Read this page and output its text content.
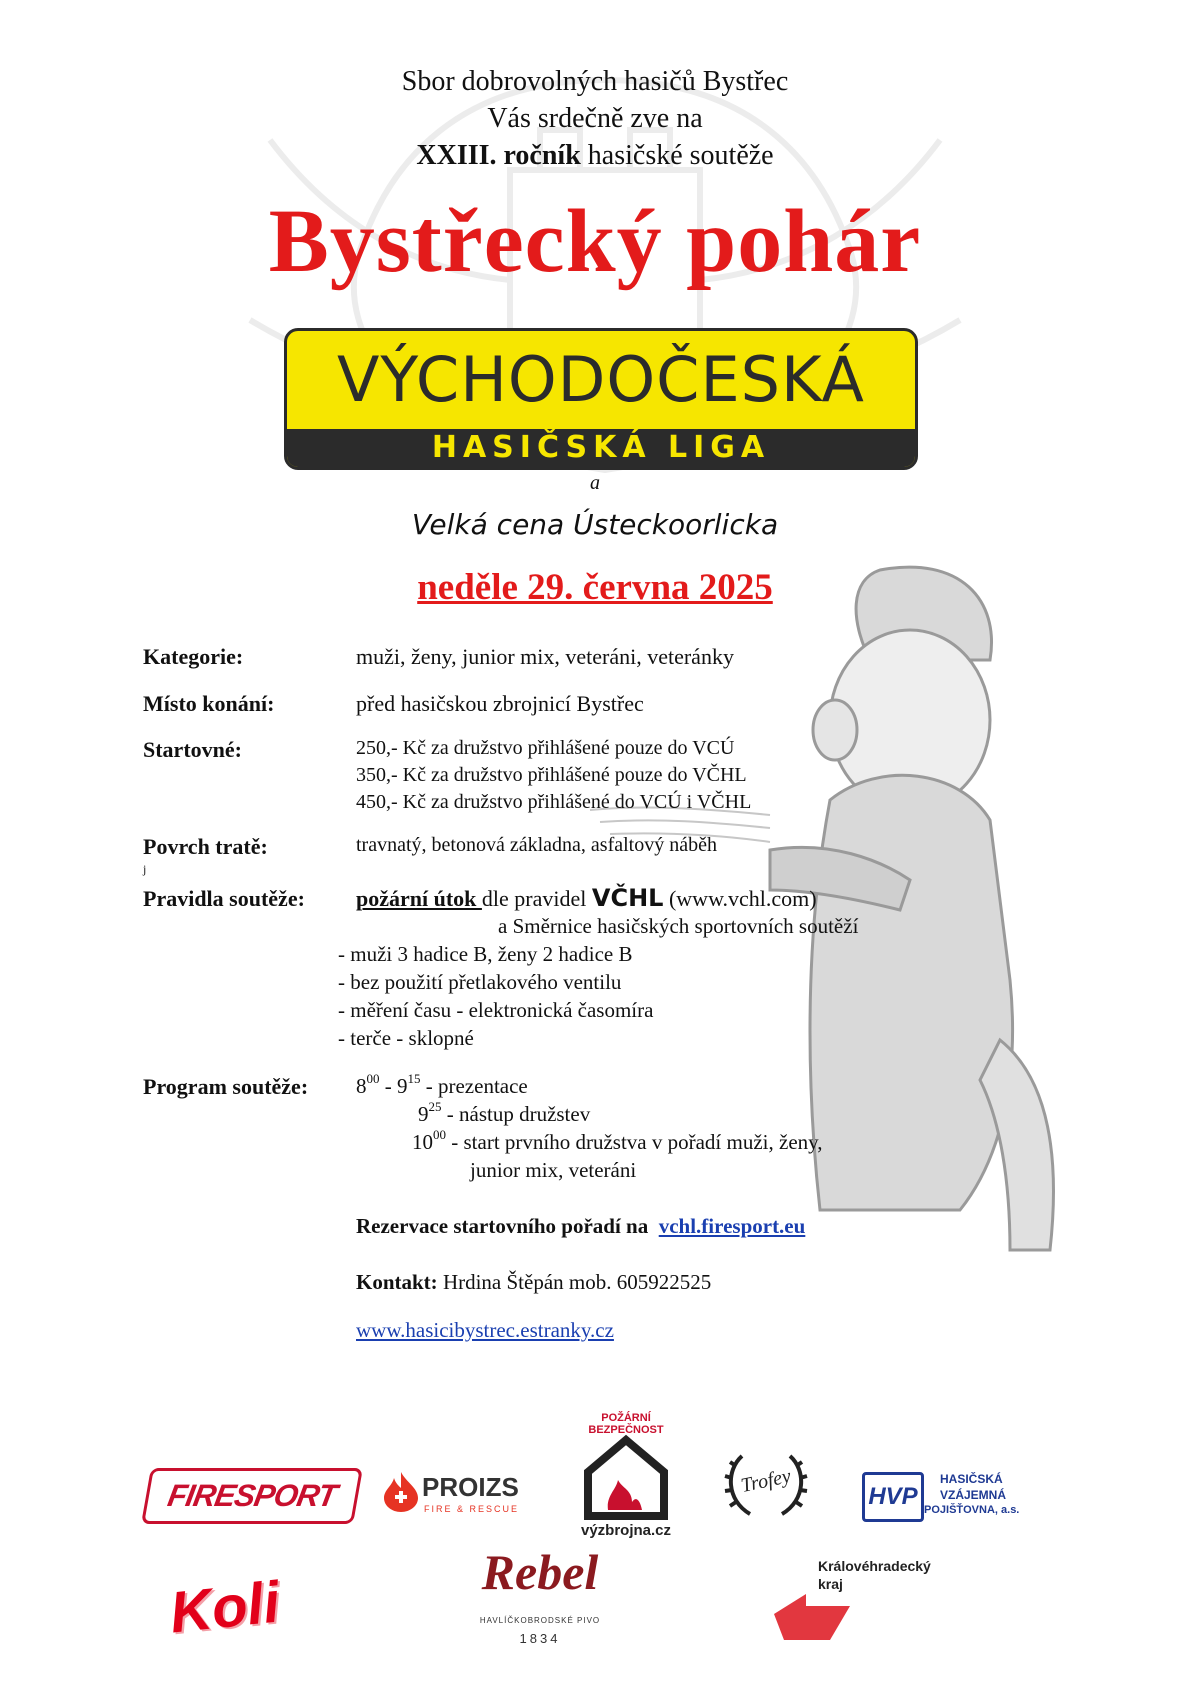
Sbor dobrovolných hasičů Bystřec
Vás srdečně zve na
XXIII. ročník hasičské soutěže
Bystřecký pohár
VÝCHODOČESKÁ
HASIČSKÁ LIGA
a
Velká cena Ústeckoorlicka
neděle 29. června 2025
Kategorie:	muži, ženy, junior mix, veteráni, veteránky
Místo konání:	před hasičskou zbrojnicí Bystřec
Startovné:	250,- Kč za družstvo přihlášené pouze do VCÚ
350,- Kč za družstvo přihlášené pouze do VČHL
450,- Kč za družstvo přihlášené do VCÚ i VČHL
Povrch tratě:	travnatý, betonová základna, asfaltový náběh
j
Pravidla soutěže: požární útok dle pravidel VČHL (www.vchl.com)
a Směrnice hasičských sportovních soutěží
- muži 3 hadice B, ženy 2 hadice B
- bez použití přetlakového ventilu
- měření času - elektronická časomíra
- terče - sklopné
Program soutěže: $8^{00} - 9^{15}$ - prezentace
$9^{25}$ - nástup družstev
$10^{00}$ - start prvního družstva v pořadí muži, ženy,
junior mix, veteráni
Rezervace startovního pořadí na vchl.firesport.eu
Kontakt: Hrdina Štěpán mob. 605922525
www.hasicibystrec.estranky.cz
FIRESPORT	PROIZS
FIRE & RESCUE
POŽÁRNÍ BEZPEČNOST
výzbrojna.cz
Trofey	HVP
HASIČSKÁ
VZÁJEMNÁ
POJIŠŤOVNA, a.s.
Koli	Rebel
HAVLÍČKOBRODSKÉ PIVO
1834
Královéhradecký
kraj
